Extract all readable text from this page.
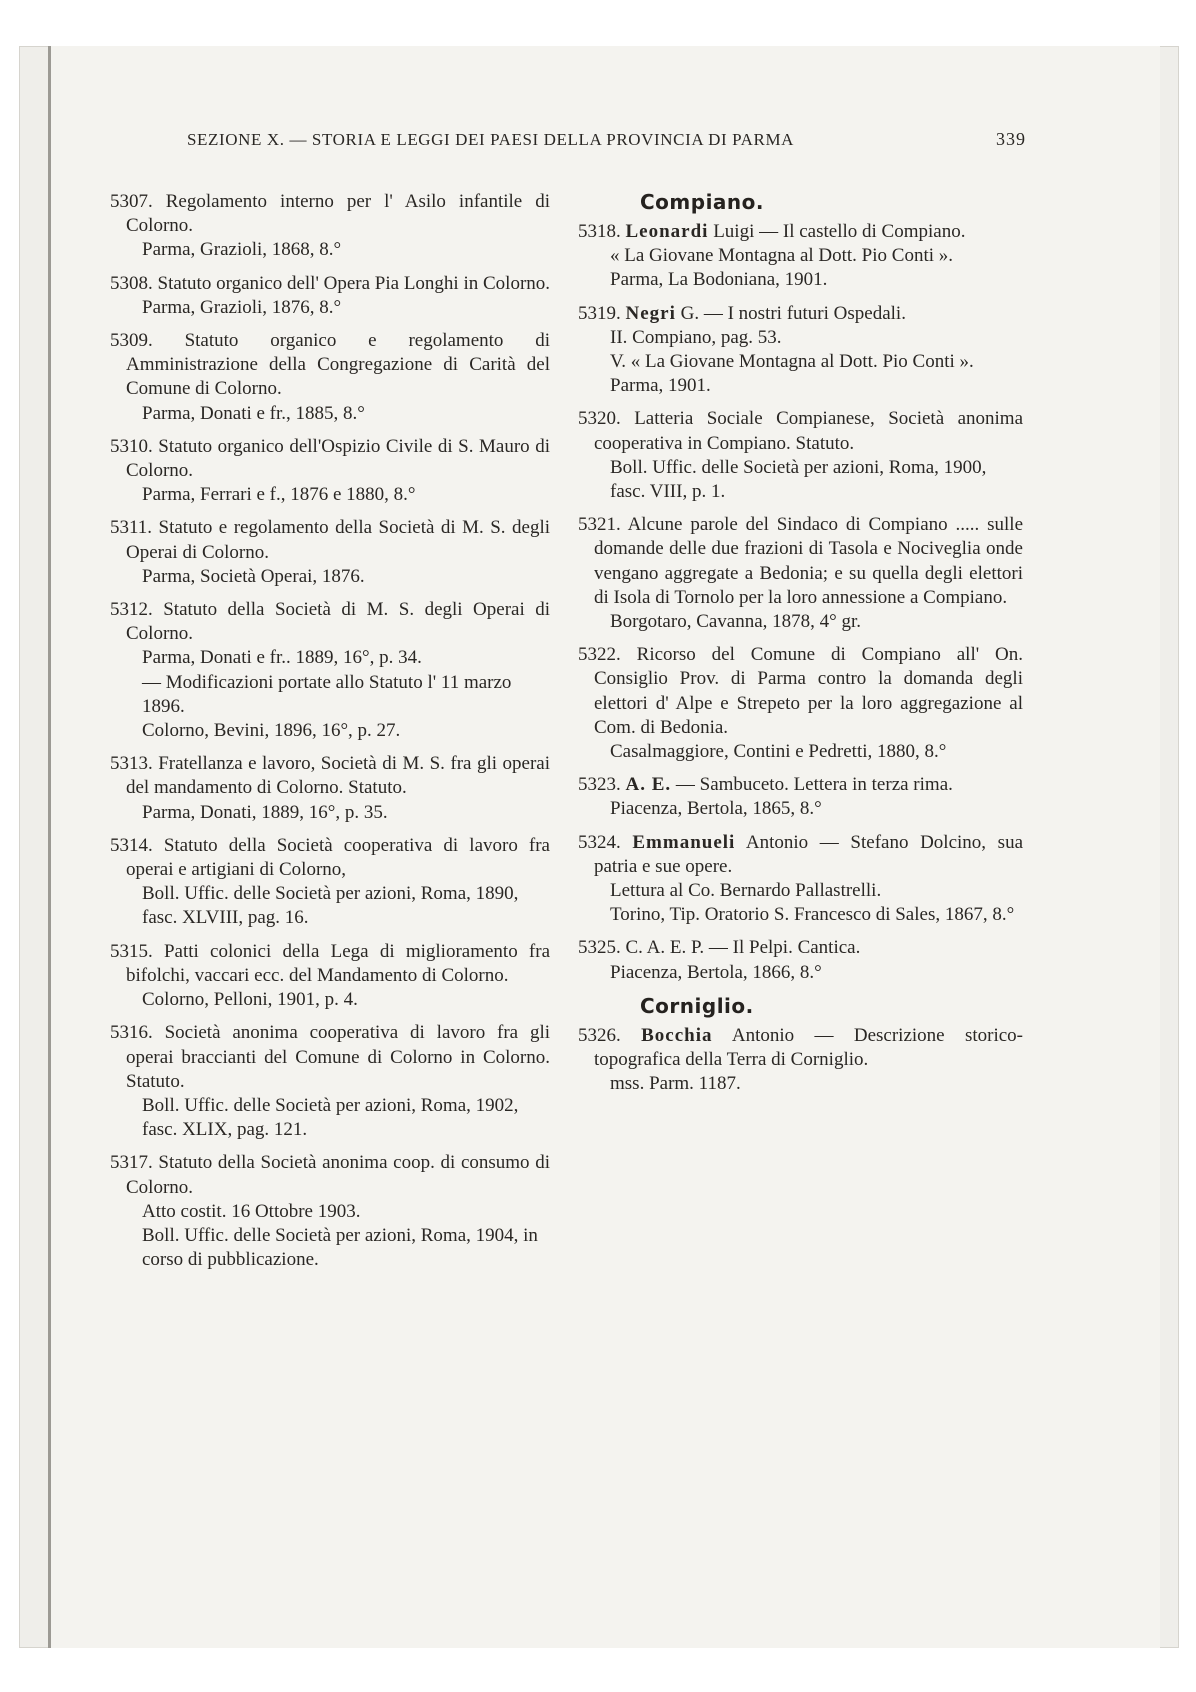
SEZIONE X. — STORIA E LEGGI DEI PAESI DELLA PROVINCIA DI PARMA	339

5307. Regolamento interno per l' Asilo infantile di Colorno.

Parma, Grazioli, 1868, 8.°

5308. Statuto organico dell' Opera Pia Longhi in Colorno.

Parma, Grazioli, 1876, 8.°

5309. Statuto organico e regolamento di Amministrazione della Congregazione di Carità del Comune di Colorno.

Parma, Donati e fr., 1885, 8.°

5310. Statuto organico dell'Ospizio Civile di S. Mauro di Colorno.

Parma, Ferrari e f., 1876 e 1880, 8.°

5311. Statuto e regolamento della Società di M. S. degli Operai di Colorno.

Parma, Società Operai, 1876.

5312. Statuto della Società di M. S. degli Operai di Colorno.

Parma, Donati e fr.. 1889, 16°, p. 34.

— Modificazioni portate allo Statuto l' 11 marzo 1896.

Colorno, Bevini, 1896, 16°, p. 27.

5313. Fratellanza e lavoro, Società di M. S. fra gli operai del mandamento di Colorno. Statuto.

Parma, Donati, 1889, 16°, p. 35.

5314. Statuto della Società cooperativa di lavoro fra operai e artigiani di Colorno,

Boll. Uffic. delle Società per azioni, Roma, 1890, fasc. XLVIII, pag. 16.

5315. Patti colonici della Lega di miglioramento fra bifolchi, vaccari ecc. del Mandamento di Colorno.

Colorno, Pelloni, 1901, p. 4.

5316. Società anonima cooperativa di lavoro fra gli operai braccianti del Comune di Colorno in Colorno. Statuto.

Boll. Uffic. delle Società per azioni, Roma, 1902, fasc. XLIX, pag. 121.

5317. Statuto della Società anonima coop. di consumo di Colorno.

Atto costit. 16 Ottobre 1903.

Boll. Uffic. delle Società per azioni, Roma, 1904, in corso di pubblicazione.

Compiano.

5318. Leonardi Luigi — Il castello di Compiano.

« La Giovane Montagna al Dott. Pio Conti ».

Parma, La Bodoniana, 1901.

5319. Negri G. — I nostri futuri Ospedali.

II. Compiano, pag. 53.

V. « La Giovane Montagna al Dott. Pio Conti ».

Parma, 1901.

5320. Latteria Sociale Compianese, Società anonima cooperativa in Compiano. Statuto.

Boll. Uffic. delle Società per azioni, Roma, 1900, fasc. VIII, p. 1.

5321. Alcune parole del Sindaco di Compiano ..... sulle domande delle due frazioni di Tasola e Nociveglia onde vengano aggregate a Bedonia; e su quella degli elettori di Isola di Tornolo per la loro annessione a Compiano.

Borgotaro, Cavanna, 1878, 4° gr.

5322. Ricorso del Comune di Compiano all' On. Consiglio Prov. di Parma contro la domanda degli elettori d' Alpe e Strepeto per la loro aggregazione al Com. di Bedonia.

Casalmaggiore, Contini e Pedretti, 1880, 8.°

5323. A. E. — Sambuceto. Lettera in terza rima.

Piacenza, Bertola, 1865, 8.°

5324. Emmanueli Antonio — Stefano Dolcino, sua patria e sue opere.

Lettura al Co. Bernardo Pallastrelli.

Torino, Tip. Oratorio S. Francesco di Sales, 1867, 8.°

5325. C. A. E. P. — Il Pelpi. Cantica.

Piacenza, Bertola, 1866, 8.°

Corniglio.

5326. Bocchia Antonio — Descrizione storico-topografica della Terra di Corniglio.

mss. Parm. 1187.
